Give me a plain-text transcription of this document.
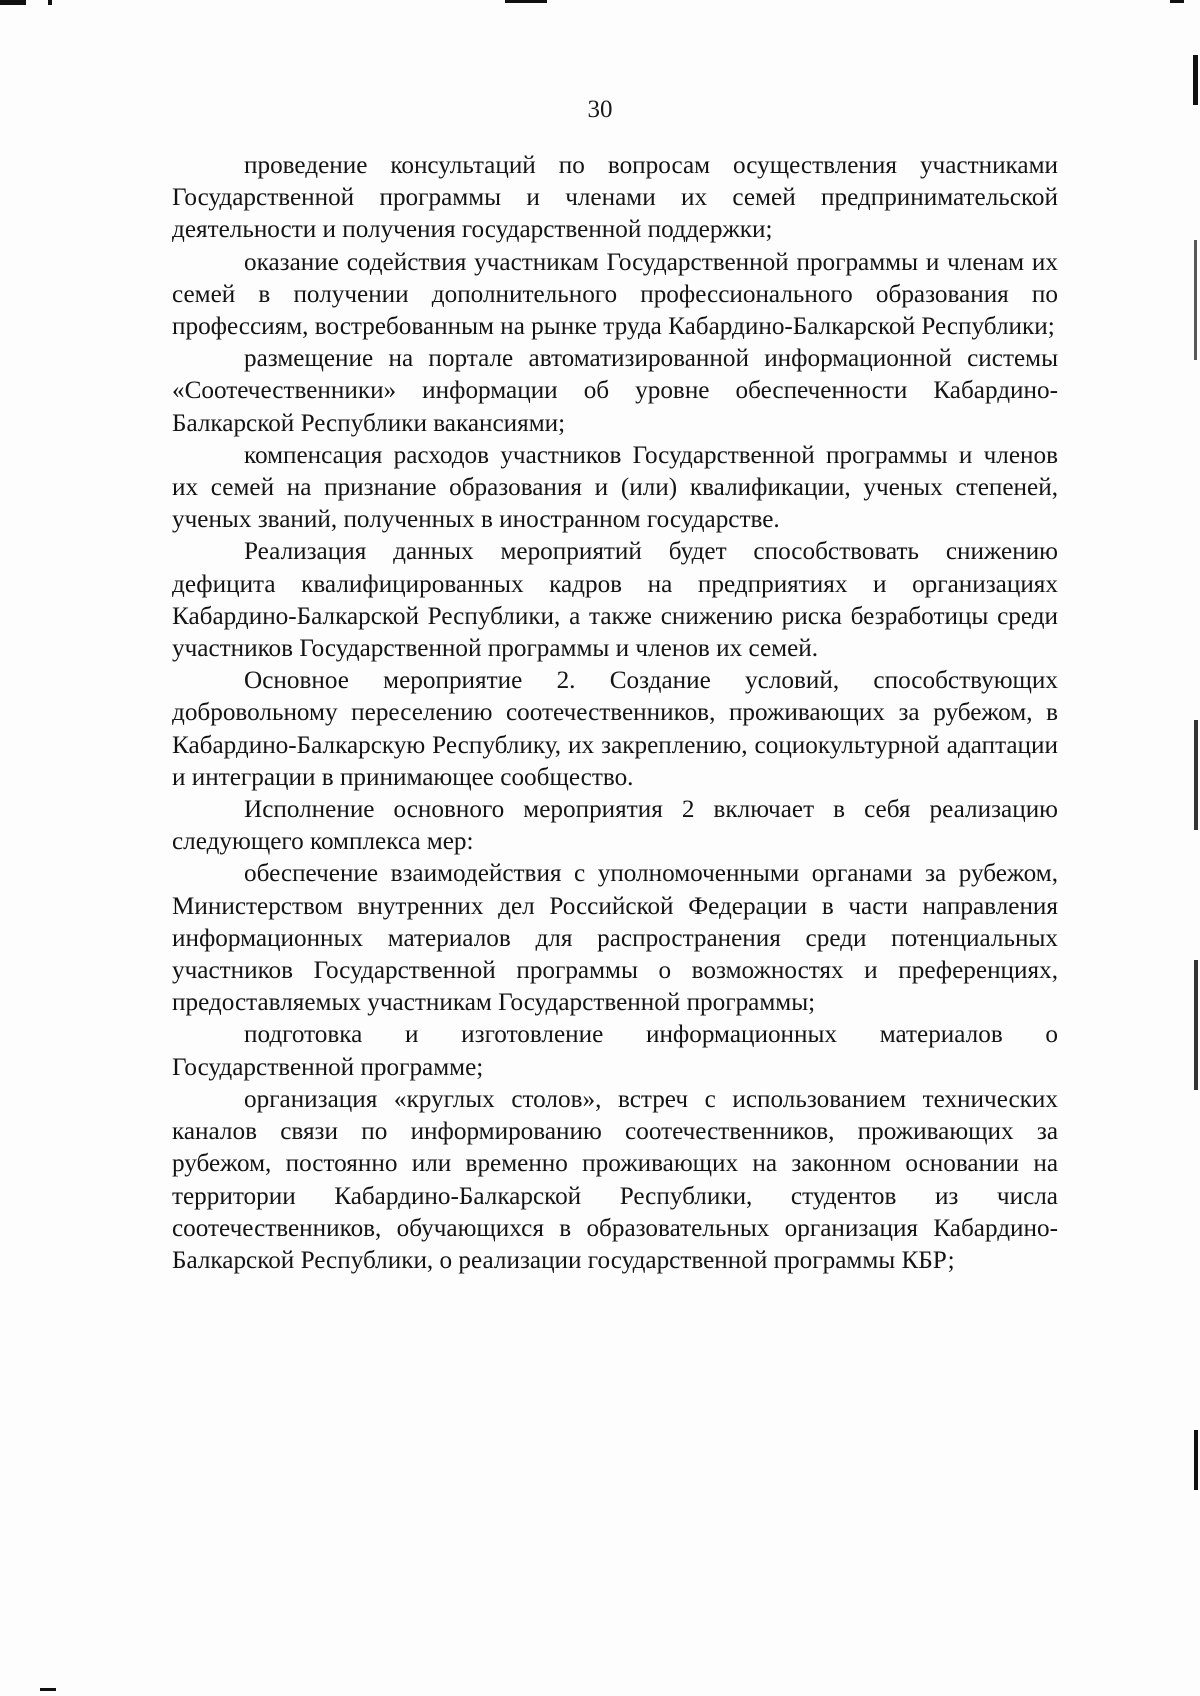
30

проведение консультаций по вопросам осуществления участниками Государственной программы и членами их семей предпринимательской деятельности и получения государственной поддержки;

оказание содействия участникам Государственной программы и членам их семей в получении дополнительного профессионального образования по профессиям, востребованным на рынке труда Кабардино-Балкарской Республики;

размещение на портале автоматизированной информационной системы «Соотечественники» информации об уровне обеспеченности Кабардино-Балкарской Республики вакансиями;

компенсация расходов участников Государственной программы и членов их семей на признание образования и (или) квалификации, ученых степеней, ученых званий, полученных в иностранном государстве.

Реализация данных мероприятий будет способствовать снижению дефицита квалифицированных кадров на предприятиях и организациях Кабардино-Балкарской Республики, а также снижению риска безработицы среди участников Государственной программы и членов их семей.

Основное мероприятие 2. Создание условий, способствующих добровольному переселению соотечественников, проживающих за рубежом, в Кабардино-Балкарскую Республику, их закреплению, социокультурной адаптации и интеграции в принимающее сообщество.

Исполнение основного мероприятия 2 включает в себя реализацию следующего комплекса мер:

обеспечение взаимодействия с уполномоченными органами за рубежом, Министерством внутренних дел Российской Федерации в части направления информационных материалов для распространения среди потенциальных участников Государственной программы о возможностях и преференциях, предоставляемых участникам Государственной программы;

подготовка и изготовление информационных материалов о Государственной программе;

организация «круглых столов», встреч с использованием технических каналов связи по информированию соотечественников, проживающих за рубежом, постоянно или временно проживающих на законном основании на территории Кабардино-Балкарской Республики, студентов из числа соотечественников, обучающихся в образовательных организация Кабардино-Балкарской Республики, о реализации государственной программы КБР;
